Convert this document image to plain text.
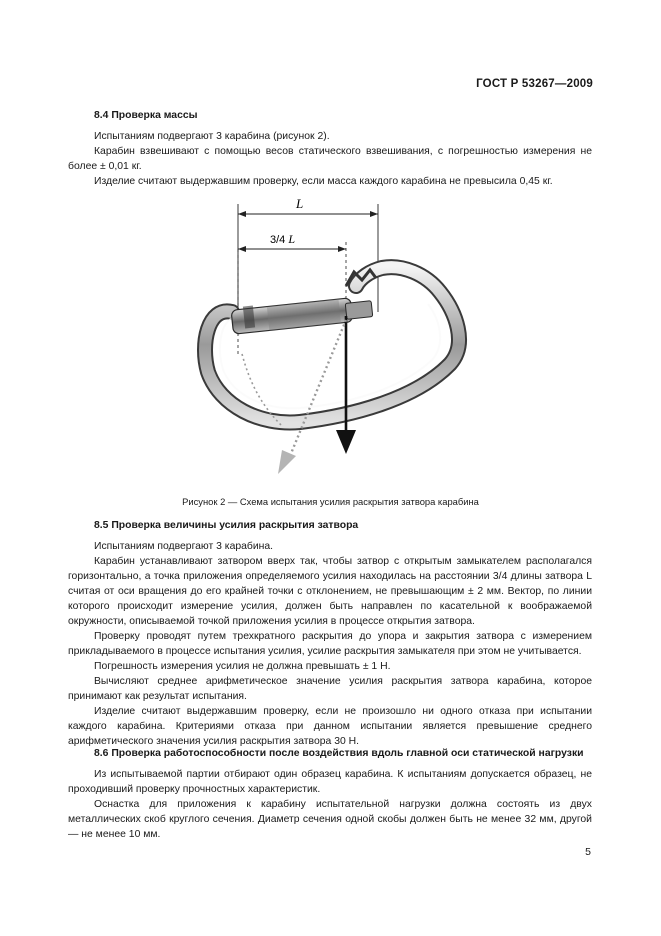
ГОСТ Р 53267—2009

8.4 Проверка массы

Испытаниям подвергают 3 карабина (рисунок 2).

Карабин взвешивают с помощью весов статического взвешивания, с погрешностью измерения не более ± 0,01 кг.

Изделие считают выдержавшим проверку, если масса каждого карабина не превысила 0,45 кг.

L
3/4 L
Рисунок 2 — Схема испытания усилия раскрытия затвора карабина

8.5 Проверка величины усилия раскрытия затвора

Испытаниям подвергают 3 карабина.

Карабин устанавливают затвором вверх так, чтобы затвор с открытым замыкателем располагался горизонтально, а точка приложения определяемого усилия находилась на расстоянии 3/4 длины затвора L считая от оси вращения до его крайней точки с отклонением, не превышающим ± 2 мм. Вектор, по линии которого происходит измерение усилия, должен быть направлен по касательной к воображаемой окружности, описываемой точкой приложения усилия в процессе открытия затвора.

Проверку проводят путем трехкратного раскрытия до упора и закрытия затвора с измерением прикладываемого в процессе испытания усилия, усилие раскрытия замыкателя при этом не учитывается.

Погрешность измерения усилия не должна превышать ± 1 Н.

Вычисляют среднее арифметическое значение усилия раскрытия затвора карабина, которое принимают как результат испытания.

Изделие считают выдержавшим проверку, если не произошло ни одного отказа при испытании каждого карабина. Критериями отказа при данном испытании является превышение среднего арифметического значения усилия раскрытия затвора 30 Н.

8.6 Проверка работоспособности после воздействия вдоль главной оси статической нагрузки

Из испытываемой партии отбирают один образец карабина. К испытаниям допускается образец, не проходивший проверку прочностных характеристик.

Оснастка для приложения к карабину испытательной нагрузки должна состоять из двух металлических скоб круглого сечения. Диаметр сечения одной скобы должен быть не менее 32 мм, другой — не менее 10 мм.

5
